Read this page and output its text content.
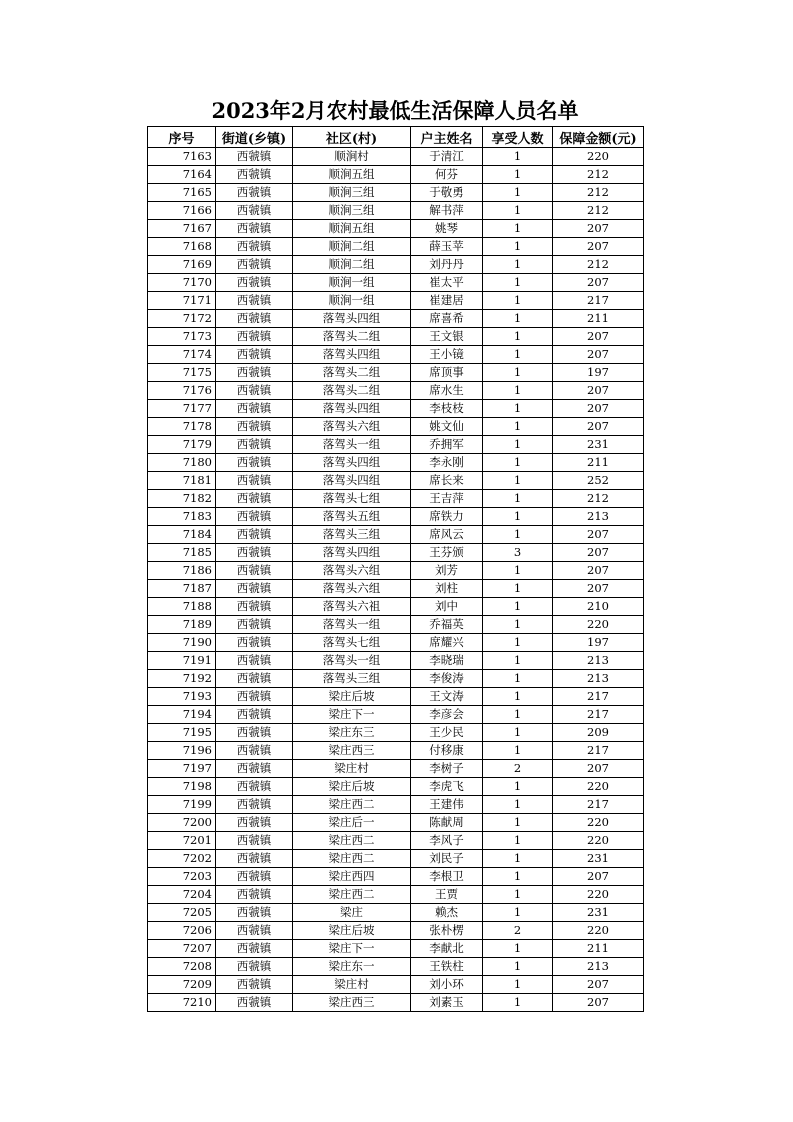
2023年2月农村最低生活保障人员名单
序号	街道(乡镇)	社区(村)	户主姓名	享受人数	保障金额(元)
7163	西虢镇	顺涧村	于清江	1	220
7164	西虢镇	顺涧五组	何芬	1	212
7165	西虢镇	顺涧三组	于敬勇	1	212
7166	西虢镇	顺涧三组	解书萍	1	212
7167	西虢镇	顺涧五组	姚琴	1	207
7168	西虢镇	顺涧二组	薛玉苹	1	207
7169	西虢镇	顺涧二组	刘丹丹	1	212
7170	西虢镇	顺涧一组	崔太平	1	207
7171	西虢镇	顺涧一组	崔建居	1	217
7172	西虢镇	落驾头四组	席喜希	1	211
7173	西虢镇	落驾头二组	王文银	1	207
7174	西虢镇	落驾头四组	王小镜	1	207
7175	西虢镇	落驾头二组	席顶事	1	197
7176	西虢镇	落驾头二组	席水生	1	207
7177	西虢镇	落驾头四组	李枝枝	1	207
7178	西虢镇	落驾头六组	姚文仙	1	207
7179	西虢镇	落驾头一组	乔拥军	1	231
7180	西虢镇	落驾头四组	李永刚	1	211
7181	西虢镇	落驾头四组	席长来	1	252
7182	西虢镇	落驾头七组	王吉萍	1	212
7183	西虢镇	落驾头五组	席铁力	1	213
7184	西虢镇	落驾头三组	席风云	1	207
7185	西虢镇	落驾头四组	王芬颁	3	207
7186	西虢镇	落驾头六组	刘芳	1	207
7187	西虢镇	落驾头六组	刘柱	1	207
7188	西虢镇	落驾头六祖	刘中	1	210
7189	西虢镇	落驾头一组	乔福英	1	220
7190	西虢镇	落驾头七组	席耀兴	1	197
7191	西虢镇	落驾头一组	李晓瑞	1	213
7192	西虢镇	落驾头三组	李俊涛	1	213
7193	西虢镇	梁庄后坡	王文涛	1	217
7194	西虢镇	梁庄下一	李彦会	1	217
7195	西虢镇	梁庄东三	王少民	1	209
7196	西虢镇	梁庄西三	付移康	1	217
7197	西虢镇	梁庄村	李树子	2	207
7198	西虢镇	梁庄后坡	李虎飞	1	220
7199	西虢镇	梁庄西二	王建伟	1	217
7200	西虢镇	梁庄后一	陈献周	1	220
7201	西虢镇	梁庄西二	李风子	1	220
7202	西虢镇	梁庄西二	刘民子	1	231
7203	西虢镇	梁庄西四	李根卫	1	207
7204	西虢镇	梁庄西二	王贾	1	220
7205	西虢镇	梁庄	赖杰	1	231
7206	西虢镇	梁庄后坡	张朴楞	2	220
7207	西虢镇	梁庄下一	李献北	1	211
7208	西虢镇	梁庄东一	王铁柱	1	213
7209	西虢镇	梁庄村	刘小环	1	207
7210	西虢镇	梁庄西三	刘素玉	1	207
